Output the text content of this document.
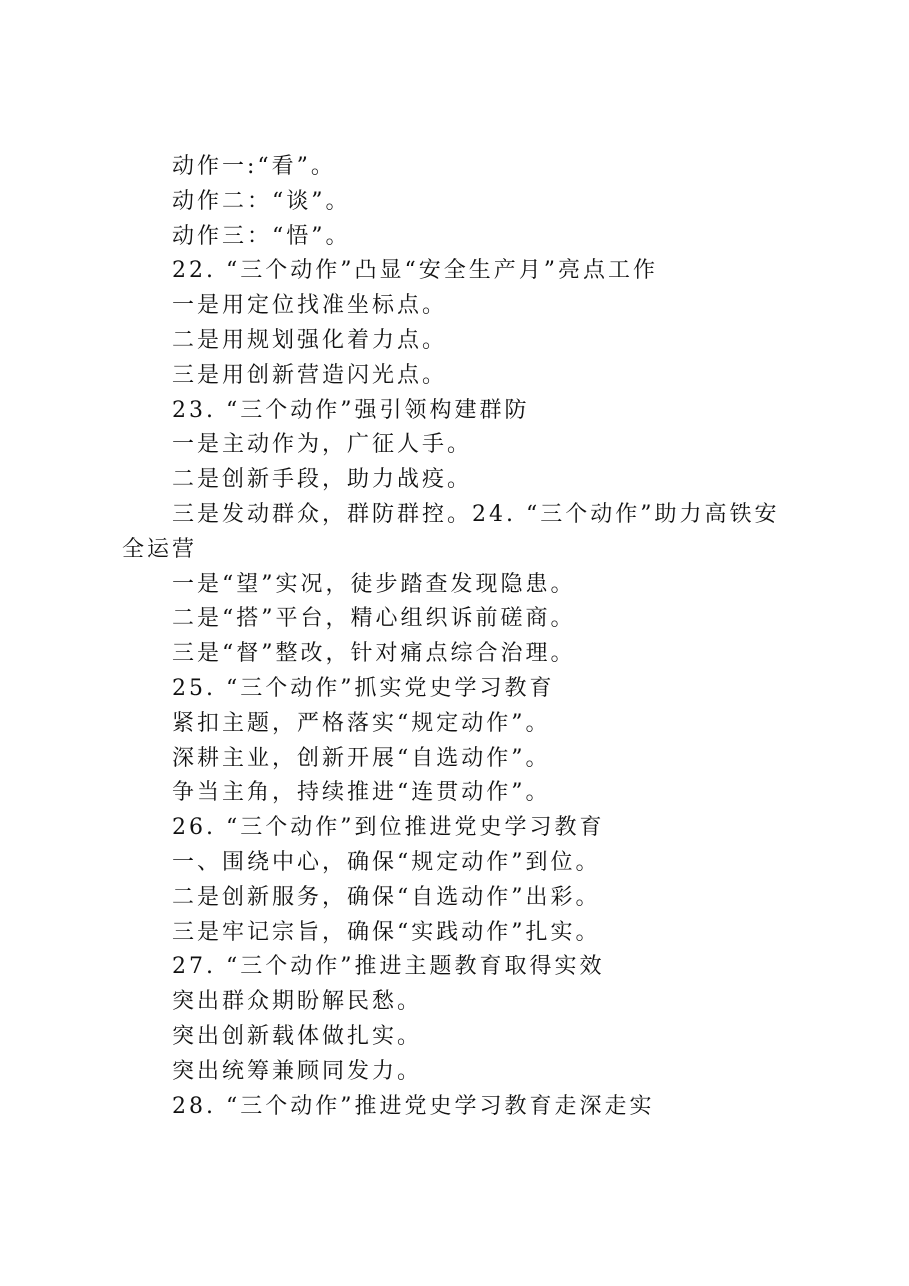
动作一:“看”。
动作二：“谈”。
动作三：“悟”。
22. “三个动作”凸显“安全生产月”亮点工作
一是用定位找准坐标点。
二是用规划强化着力点。
三是用创新营造闪光点。
23. “三个动作”强引领构建群防
一是主动作为，广征人手。
二是创新手段，助力战疫。
三是发动群众，群防群控。24. “三个动作”助力高铁安
全运营
一是“望”实况，徒步踏查发现隐患。
二是“搭”平台，精心组织诉前磋商。
三是“督”整改，针对痛点综合治理。
25. “三个动作”抓实党史学习教育
紧扣主题，严格落实“规定动作”。
深耕主业，创新开展“自选动作”。
争当主角，持续推进“连贯动作”。
26. “三个动作”到位推进党史学习教育
一、围绕中心，确保“规定动作”到位。
二是创新服务，确保“自选动作”出彩。
三是牢记宗旨，确保“实践动作”扎实。
27. “三个动作”推进主题教育取得实效
突出群众期盼解民愁。
突出创新载体做扎实。
突出统筹兼顾同发力。
28. “三个动作”推进党史学习教育走深走实
